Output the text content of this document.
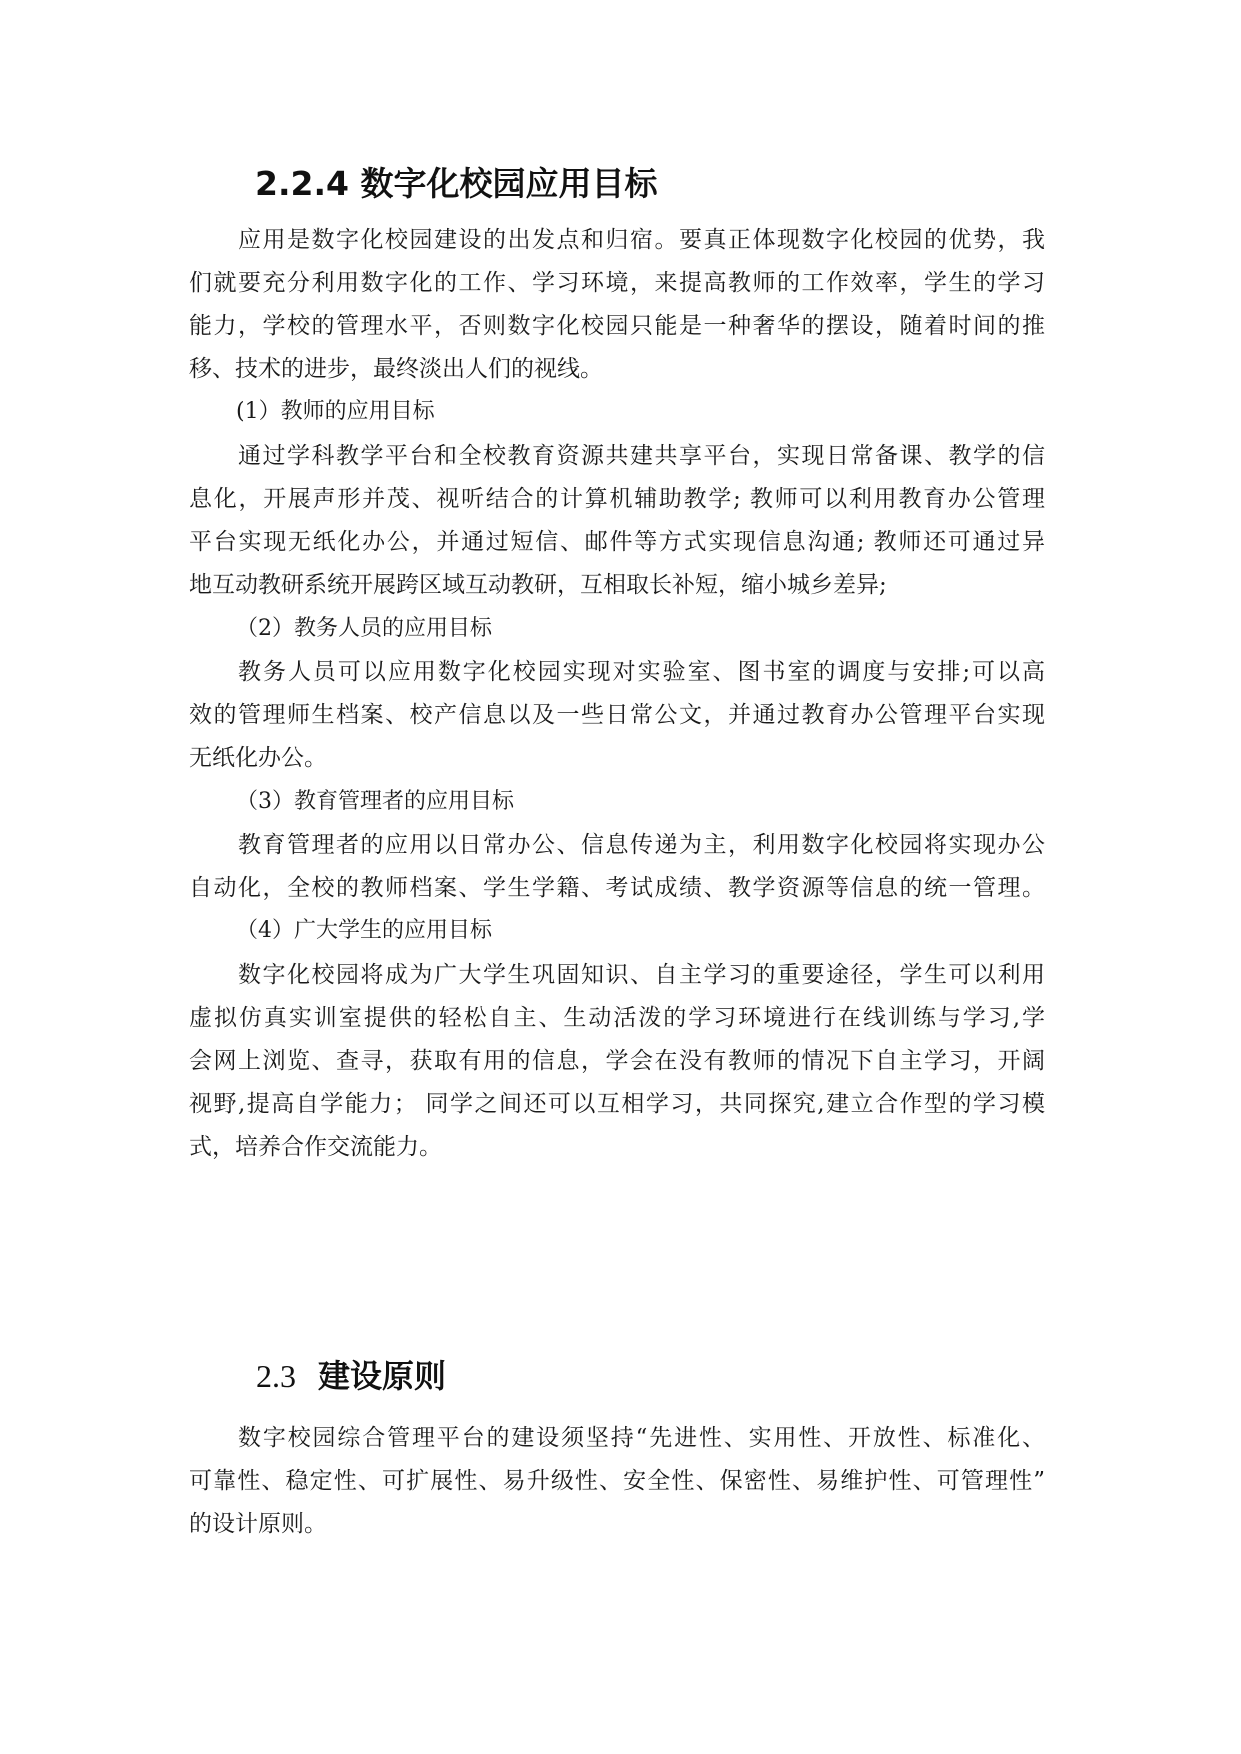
2.2.4 数字化校园应用目标

应用是数字化校园建设的出发点和归宿。要真正体现数字化校园的优势，我

们就要充分利用数字化的工作、学习环境，来提高教师的工作效率，学生的学习

能力，学校的管理水平，否则数字化校园只能是一种奢华的摆设，随着时间的推

移、技术的进步，最终淡出人们的视线。

(1）教师的应用目标

通过学科教学平台和全校教育资源共建共享平台，实现日常备课、教学的信

息化，开展声形并茂、视听结合的计算机辅助教学; 教师可以利用教育办公管理

平台实现无纸化办公，并通过短信、邮件等方式实现信息沟通; 教师还可通过异

地互动教研系统开展跨区域互动教研，互相取长补短，缩小城乡差异;

（2）教务人员的应用目标

教务人员可以应用数字化校园实现对实验室、图书室的调度与安排;可以高

效的管理师生档案、校产信息以及一些日常公文，并通过教育办公管理平台实现

无纸化办公。

（3）教育管理者的应用目标

教育管理者的应用以日常办公、信息传递为主，利用数字化校园将实现办公

自动化，全校的教师档案、学生学籍、考试成绩、教学资源等信息的统一管理。

（4）广大学生的应用目标

数字化校园将成为广大学生巩固知识、自主学习的重要途径，学生可以利用

虚拟仿真实训室提供的轻松自主、生动活泼的学习环境进行在线训练与学习,学

会网上浏览、查寻，获取有用的信息，学会在没有教师的情况下自主学习，开阔

视野,提高自学能力； 同学之间还可以互相学习，共同探究,建立合作型的学习模

式，培养合作交流能力。

2.3 建设原则

数字校园综合管理平台的建设须坚持“先进性、实用性、开放性、标准化、

可靠性、稳定性、可扩展性、易升级性、安全性、保密性、易维护性、可管理性”

的设计原则。
